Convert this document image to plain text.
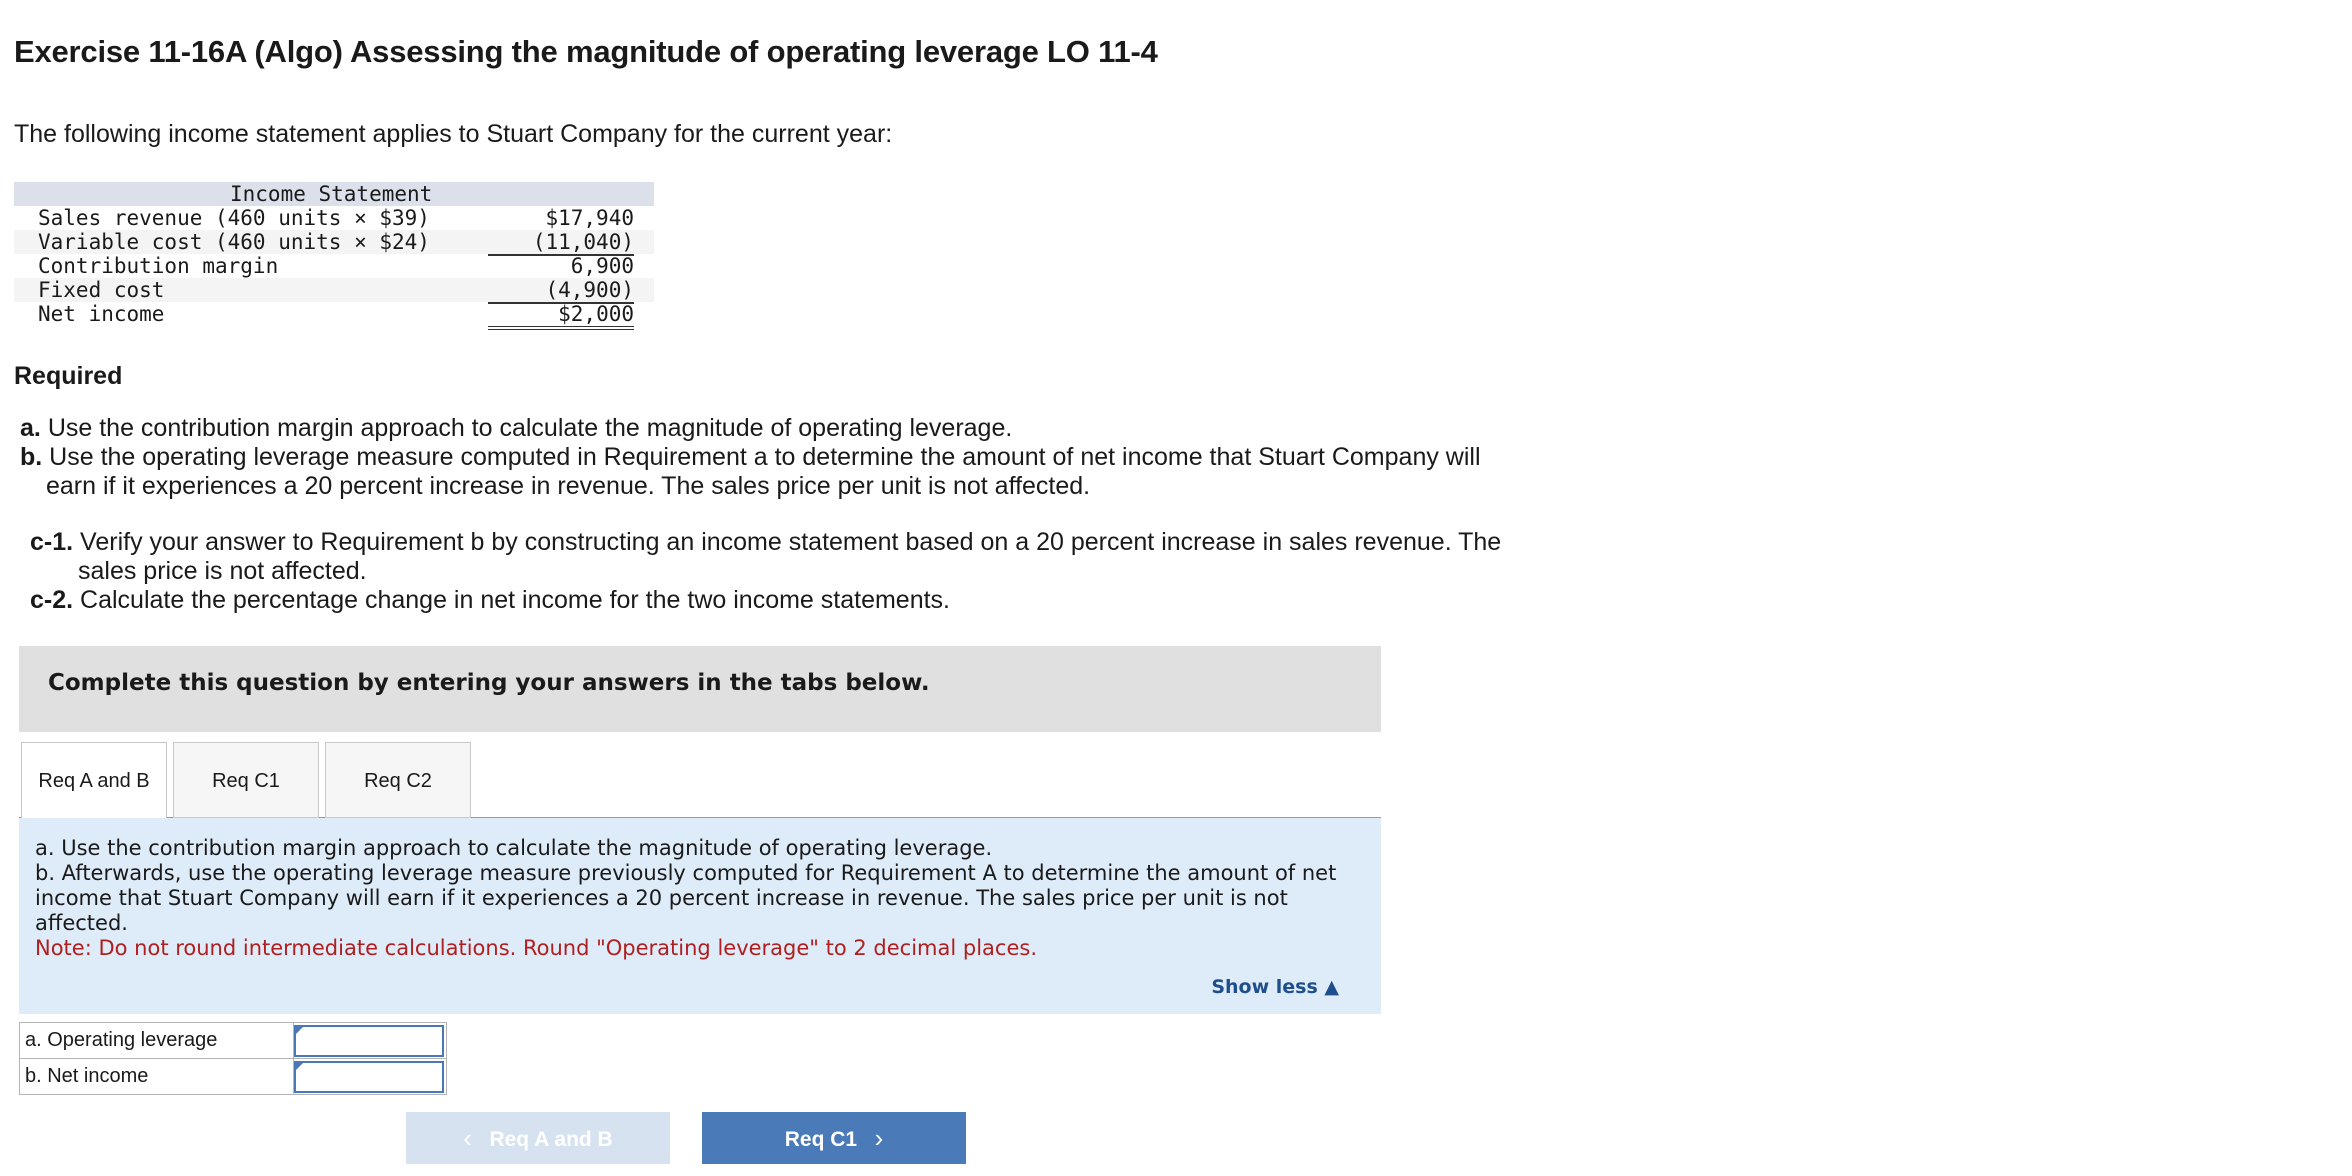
Exercise 11-16A (Algo) Assessing the magnitude of operating leverage LO 11-4
The following income statement applies to Stuart Company for the current year:
Income Statement
Sales revenue (460 units × $39)	$17,940
Variable cost (460 units × $24)	(11,040)
Contribution margin	6,900
Fixed cost	(4,900)
Net income	$2,000
Required
a. Use the contribution margin approach to calculate the magnitude of operating leverage.
b. Use the operating leverage measure computed in Requirement a to determine the amount of net income that Stuart Company will earn if it experiences a 20 percent increase in revenue. The sales price per unit is not affected.
c-1. Verify your answer to Requirement b by constructing an income statement based on a 20 percent increase in sales revenue. The sales price is not affected.
c-2. Calculate the percentage change in net income for the two income statements.
Complete this question by entering your answers in the tabs below.
Req A and B	Req C1	Req C2

a. Use the contribution margin approach to calculate the magnitude of operating leverage.

b. Afterwards, use the operating leverage measure previously computed for Requirement A to determine the amount of net income that Stuart Company will earn if it experiences a 20 percent increase in revenue. The sales price per unit is not affected.

Note: Do not round intermediate calculations. Round "Operating leverage" to 2 decimal places.

Show less ▲
a. Operating leverage	

b. Net income	
‹ Req A and B	Req C1 ›
